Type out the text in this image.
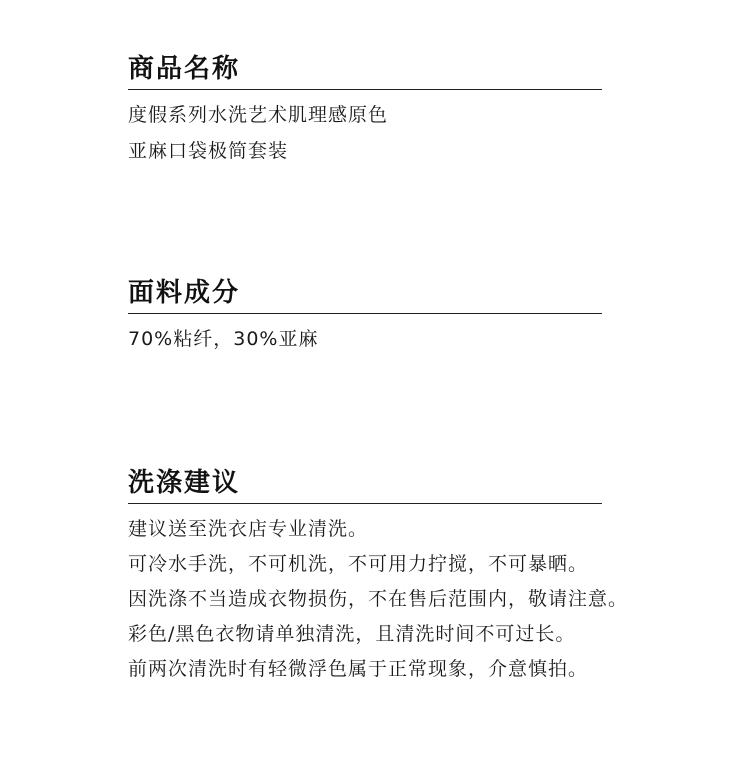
商品名称
度假系列水洗艺术肌理感原色
亚麻口袋极简套装
面料成分
70%粘纤，30%亚麻
洗涤建议
建议送至洗衣店专业清洗。
可冷水手洗，不可机洗，不可用力拧搅，不可暴晒。
因洗涤不当造成衣物损伤，不在售后范围内，敬请注意。
彩色/黑色衣物请单独清洗，且清洗时间不可过长。
前两次清洗时有轻微浮色属于正常现象，介意慎拍。
